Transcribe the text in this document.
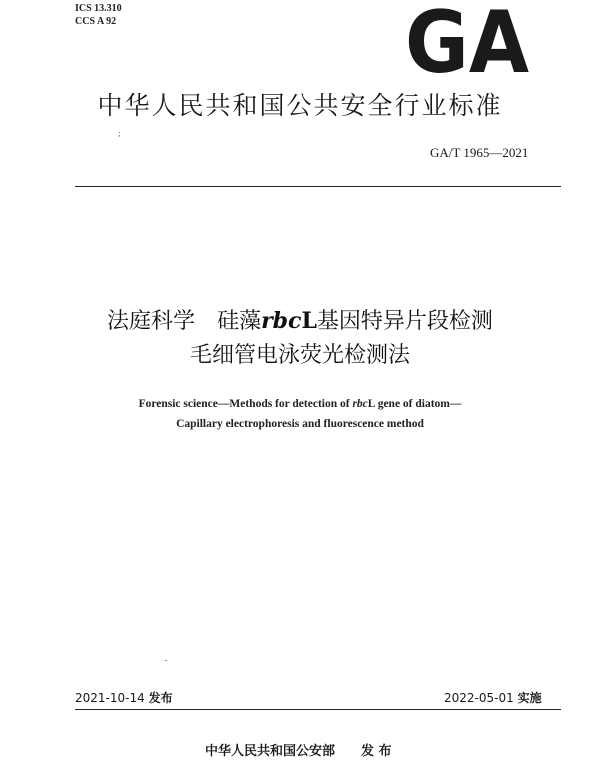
ICS 13.310
CCS A 92	GA
中华人民共和国公共安全行业标准
;
GA/T 1965—2021
法庭科学 硅藻rbcL基因特异片段检测
毛细管电泳荧光检测法
Forensic science—Methods for detection of rbcL gene of diatom—
Capillary electrophoresis and fluorescence method
2021-10-14 发布	2022-05-01 实施
中华人民共和国公安部 发 布
